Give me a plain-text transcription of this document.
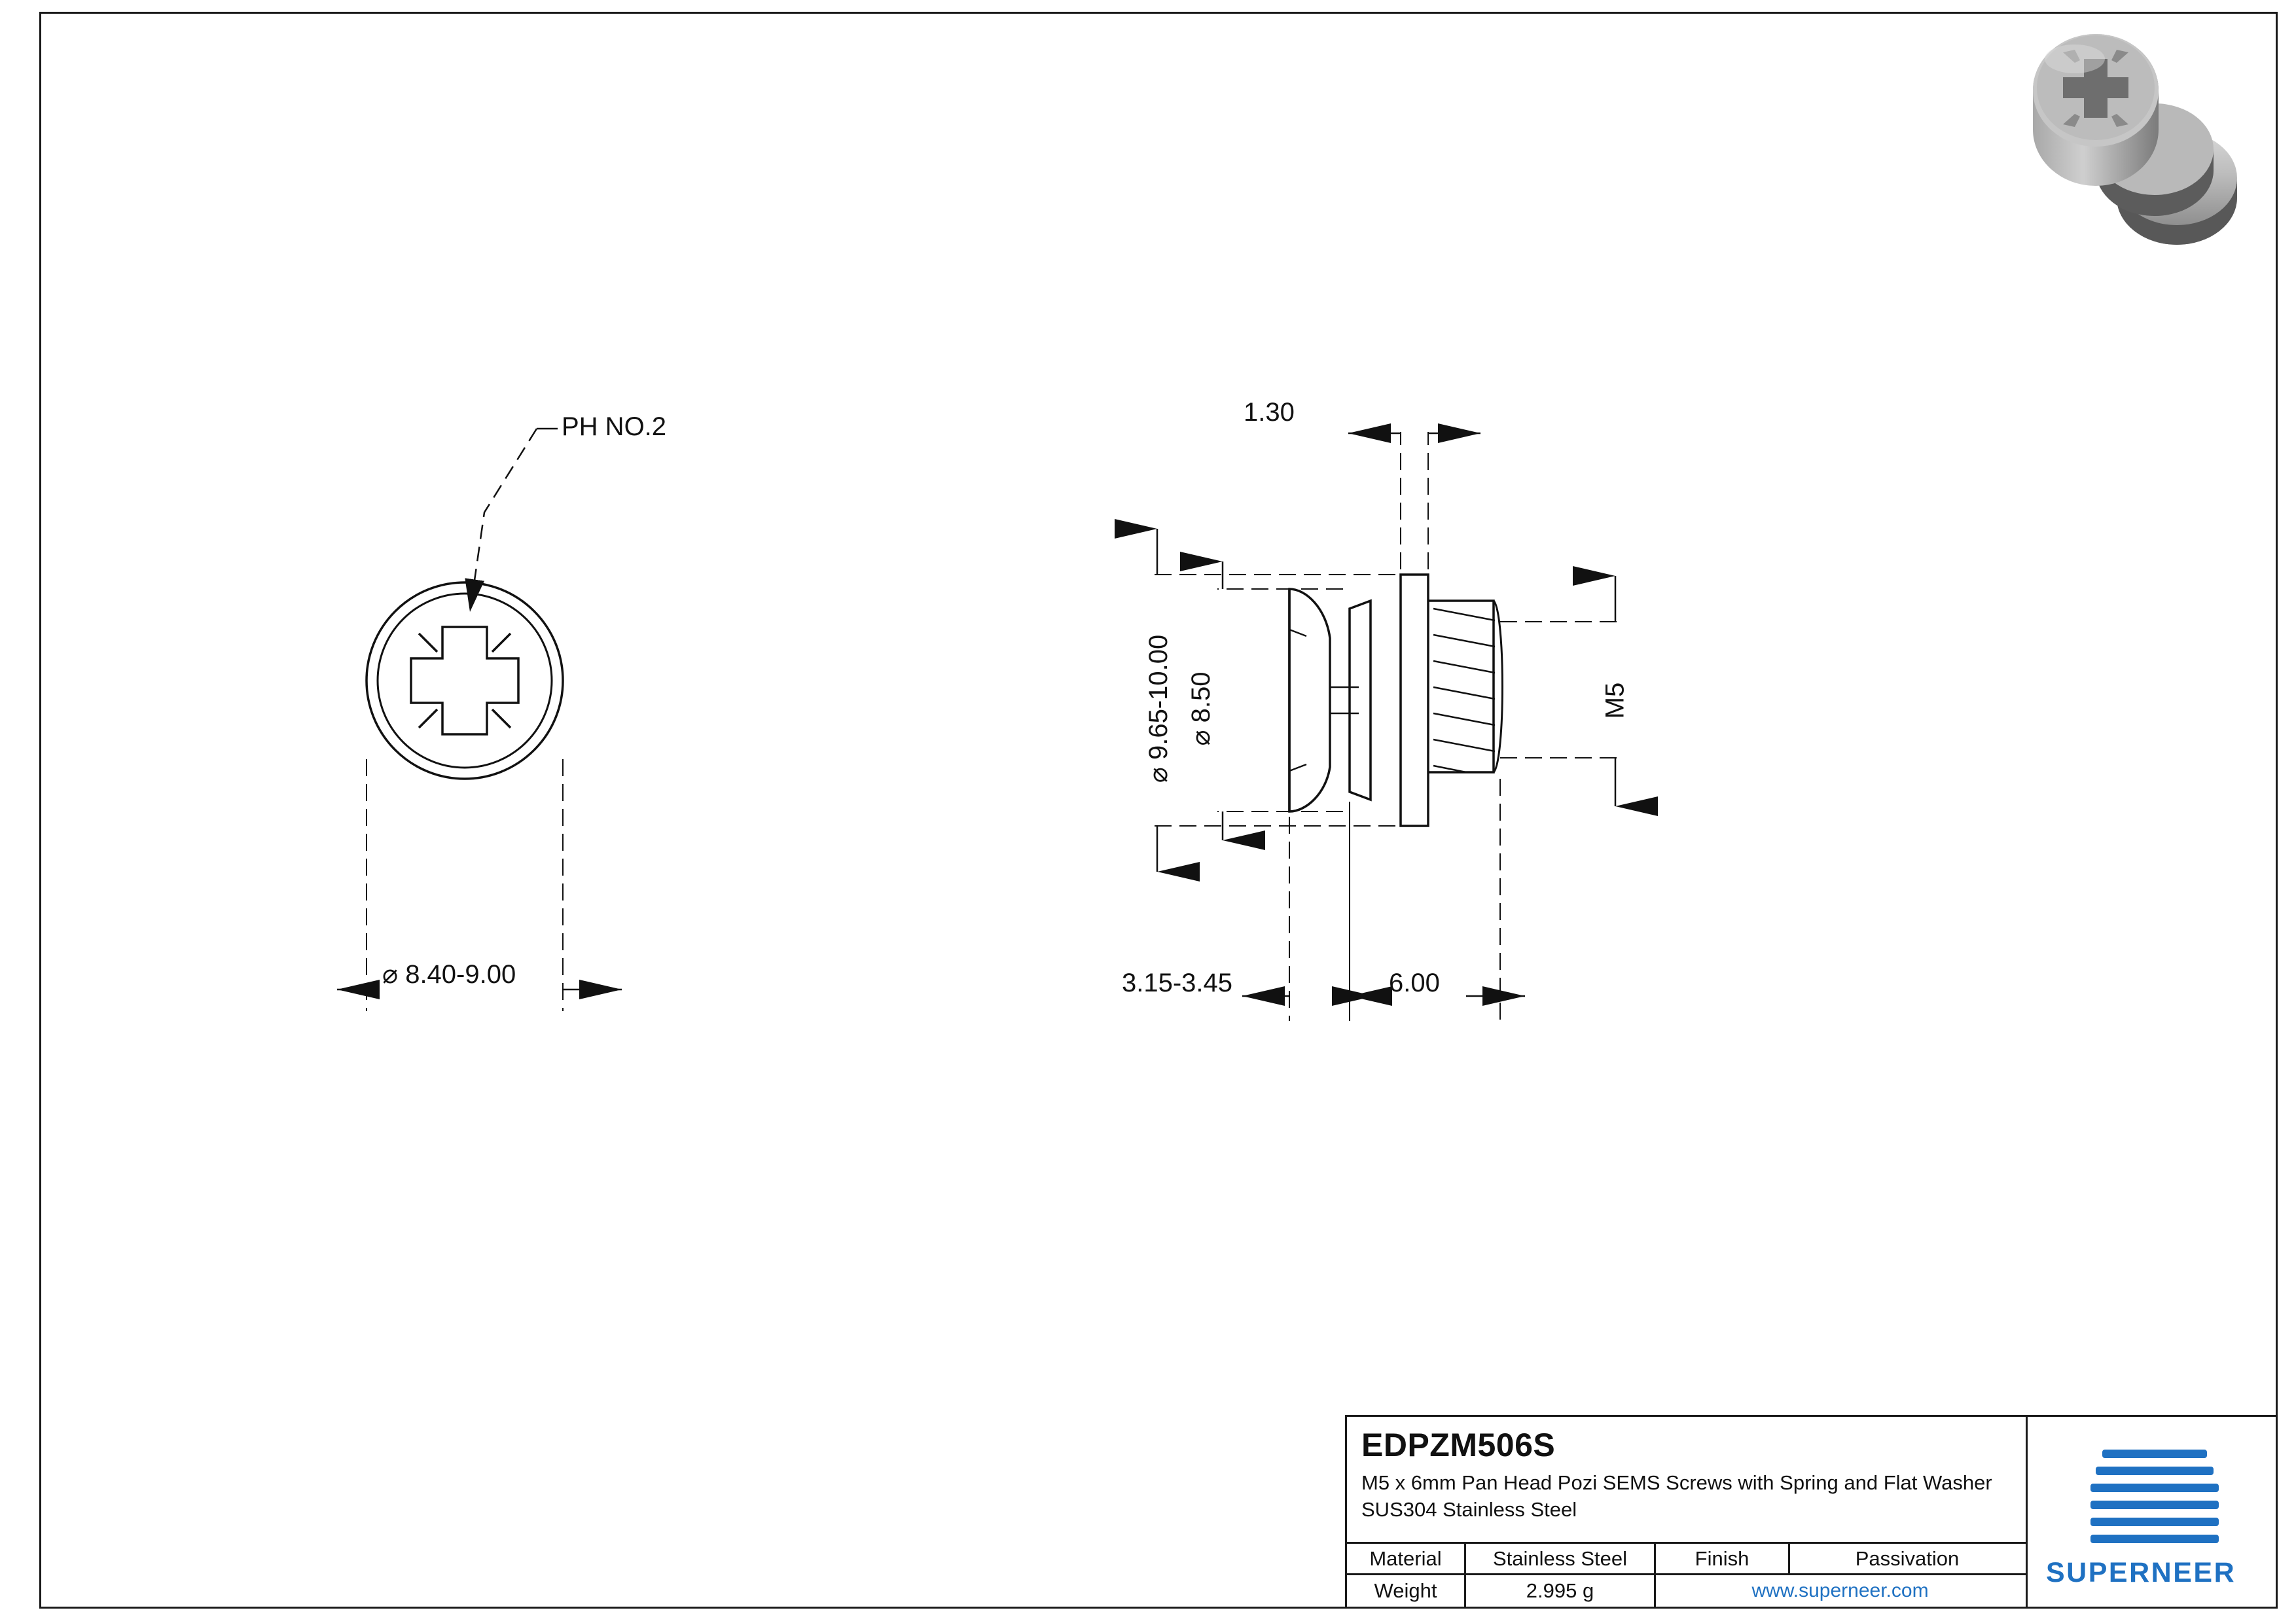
PH NO.2
⌀ 8.40-9.00
1.30
⌀ 9.65-10.00 ⌀ 8.50	M5
3.15-3.45	6.00
EDPZM506S
M5 x 6mm Pan Head Pozi SEMS Screws with Spring and Flat Washer SUS304 Stainless Steel
Material	Stainless Steel	Finish	Passivation
Weight	2.995 g	www.superneer.com
SUPERNEER
